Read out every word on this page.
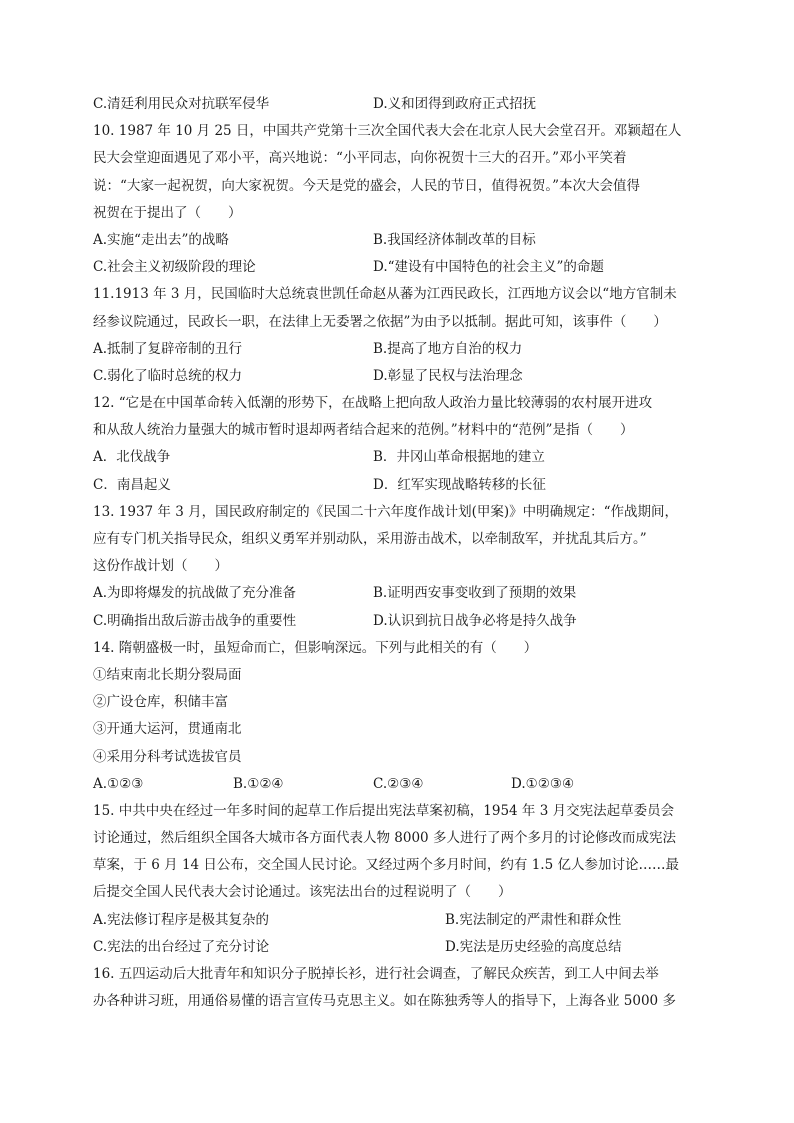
C.清廷利用民众对抗联军侵华	D.义和团得到政府正式招抚
10. 1987 年 10 月 25 日，中国共产党第十三次全国代表大会在北京人民大会堂召开。邓颖超在人
民大会堂迎面遇见了邓小平，高兴地说：“小平同志，向你祝贺十三大的召开。”邓小平笑着
说：“大家一起祝贺，向大家祝贺。今天是党的盛会，人民的节日，值得祝贺。”本次大会值得
祝贺在于提出了（　　）
A.实施“走出去”的战略	B.我国经济体制改革的目标
C.社会主义初级阶段的理论	D.“建设有中国特色的社会主义”的命题
11.1913 年 3 月，民国临时大总统袁世凯任命赵从蕃为江西民政长，江西地方议会以“地方官制未
经参议院通过，民政长一职，在法律上无委署之依据”为由予以抵制。据此可知，该事件（　　）
A.抵制了复辟帝制的丑行	B.提高了地方自治的权力
C.弱化了临时总统的权力	D.彰显了民权与法治理念
12. “它是在中国革命转入低潮的形势下，在战略上把向敌人政治力量比较薄弱的农村展开进攻
和从敌人统治力量强大的城市暂时退却两者结合起来的范例。”材料中的“范例”是指（　　）
A．北伐战争	B．井冈山革命根据地的建立
C．南昌起义	D．红军实现战略转移的长征
13. 1937 年 3 月，国民政府制定的《民国二十六年度作战计划(甲案)》中明确规定：“作战期间，
应有专门机关指导民众，组织义勇军并别动队，采用游击战术，以牵制敌军，并扰乱其后方。”
这份作战计划（　　）
A.为即将爆发的抗战做了充分准备	B.证明西安事变收到了预期的效果
C.明确指出敌后游击战争的重要性	D.认识到抗日战争必将是持久战争
14. 隋朝盛极一时，虽短命而亡，但影响深远。下列与此相关的有（　　）
①结束南北长期分裂局面
②广设仓库，积储丰富
③开通大运河，贯通南北
④采用分科考试选拔官员
A.①②③	B.①②④	C.②③④	D.①②③④
15. 中共中央在经过一年多时间的起草工作后提出宪法草案初稿，1954 年 3 月交宪法起草委员会
讨论通过，然后组织全国各大城市各方面代表人物 8000 多人进行了两个多月的讨论修改而成宪法
草案，于 6 月 14 日公布，交全国人民讨论。又经过两个多月时间，约有 1.5 亿人参加讨论……最
后提交全国人民代表大会讨论通过。该宪法出台的过程说明了（　　）
A.宪法修订程序是极其复杂的	B.宪法制定的严肃性和群众性
C.宪法的出台经过了充分讨论	D.宪法是历史经验的高度总结
16. 五四运动后大批青年和知识分子脱掉长衫，进行社会调查，了解民众疾苦，到工人中间去举
办各种讲习班，用通俗易懂的语言宣传马克思主义。如在陈独秀等人的指导下，上海各业 5000 多
